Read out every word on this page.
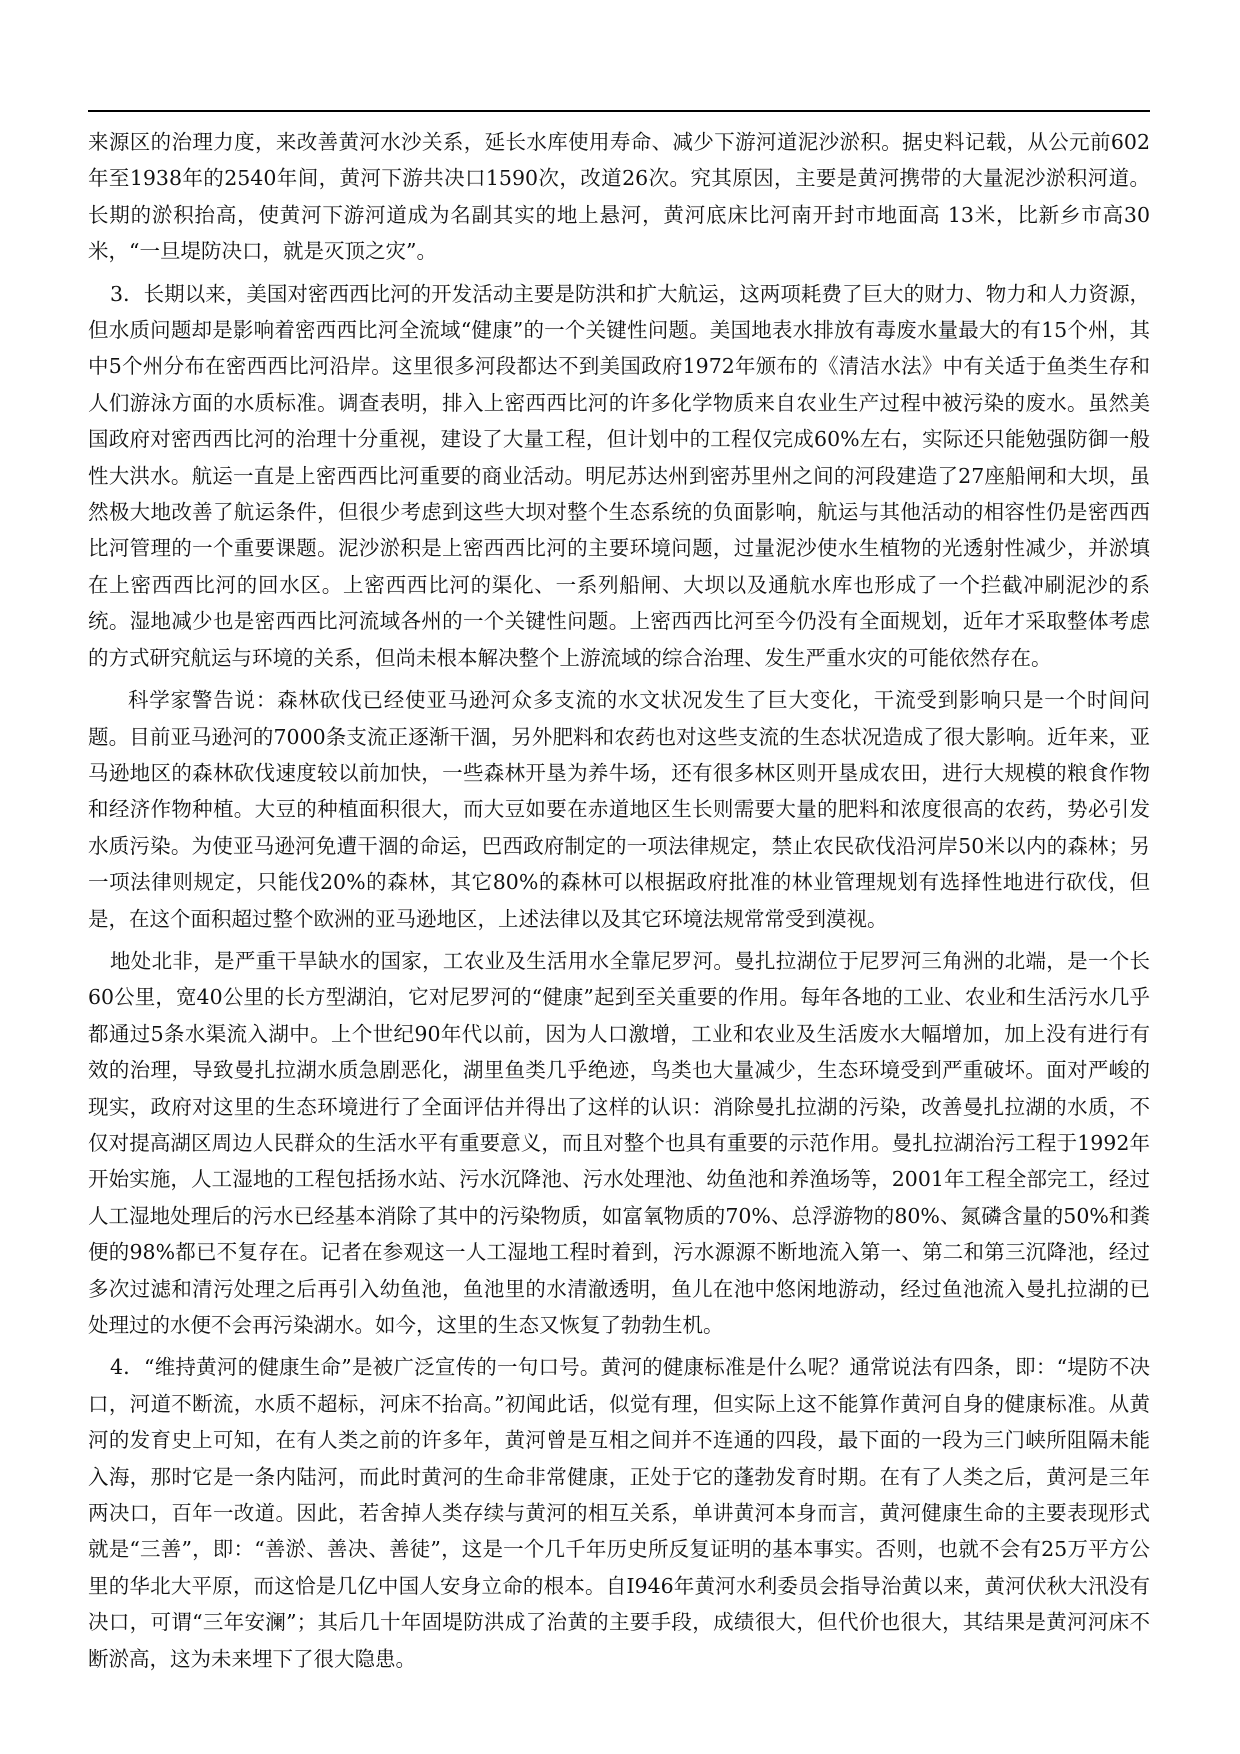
来源区的治理力度，来改善黄河水沙关系，延长水库使用寿命、减少下游河道泥沙淤积。据史料记载，从公元前602年至1938年的2540年间，黄河下游共决口1590次，改道26次。究其原因，主要是黄河携带的大量泥沙淤积河道。长期的淤积抬高，使黄河下游河道成为名副其实的地上悬河，黄河底床比河南开封市地面高 13米，比新乡市高30米，“一旦堤防决口，就是灭顶之灾”。

3．长期以来，美国对密西西比河的开发活动主要是防洪和扩大航运，这两项耗费了巨大的财力、物力和人力资源，但水质问题却是影响着密西西比河全流域“健康”的一个关键性问题。美国地表水排放有毒废水量最大的有15个州，其中5个州分布在密西西比河沿岸。这里很多河段都达不到美国政府1972年颁布的《清洁水法》中有关适于鱼类生存和人们游泳方面的水质标准。调查表明，排入上密西西比河的许多化学物质来自农业生产过程中被污染的废水。虽然美国政府对密西西比河的治理十分重视，建设了大量工程，但计划中的工程仅完成60%左右，实际还只能勉强防御一般性大洪水。航运一直是上密西西比河重要的商业活动。明尼苏达州到密苏里州之间的河段建造了27座船闸和大坝，虽然极大地改善了航运条件，但很少考虑到这些大坝对整个生态系统的负面影响，航运与其他活动的相容性仍是密西西比河管理的一个重要课题。泥沙淤积是上密西西比河的主要环境问题，过量泥沙使水生植物的光透射性减少，并淤填在上密西西比河的回水区。上密西西比河的渠化、一系列船闸、大坝以及通航水库也形成了一个拦截冲刷泥沙的系统。湿地减少也是密西西比河流域各州的一个关键性问题。上密西西比河至今仍没有全面规划，近年才采取整体考虑的方式研究航运与环境的关系，但尚未根本解决整个上游流域的综合治理、发生严重水灾的可能依然存在。

科学家警告说：森林砍伐已经使亚马逊河众多支流的水文状况发生了巨大变化，干流受到影响只是一个时间问题。目前亚马逊河的7000条支流正逐渐干涸，另外肥料和农药也对这些支流的生态状况造成了很大影响。近年来，亚马逊地区的森林砍伐速度较以前加快，一些森林开垦为养牛场，还有很多林区则开垦成农田，进行大规模的粮食作物和经济作物种植。大豆的种植面积很大，而大豆如要在赤道地区生长则需要大量的肥料和浓度很高的农药，势必引发水质污染。为使亚马逊河免遭干涸的命运，巴西政府制定的一项法律规定，禁止农民砍伐沿河岸50米以内的森林；另一项法律则规定，只能伐20%的森林，其它80%的森林可以根据政府批准的林业管理规划有选择性地进行砍伐，但是，在这个面积超过整个欧洲的亚马逊地区，上述法律以及其它环境法规常常受到漠视。

地处北非，是严重干旱缺水的国家，工农业及生活用水全靠尼罗河。曼扎拉湖位于尼罗河三角洲的北端，是一个长60公里，宽40公里的长方型湖泊，它对尼罗河的“健康”起到至关重要的作用。每年各地的工业、农业和生活污水几乎都通过5条水渠流入湖中。上个世纪90年代以前，因为人口激增，工业和农业及生活废水大幅增加，加上没有进行有效的治理，导致曼扎拉湖水质急剧恶化，湖里鱼类几乎绝迹，鸟类也大量减少，生态环境受到严重破坏。面对严峻的现实，政府对这里的生态环境进行了全面评估并得出了这样的认识：消除曼扎拉湖的污染，改善曼扎拉湖的水质，不仅对提高湖区周边人民群众的生活水平有重要意义，而且对整个也具有重要的示范作用。曼扎拉湖治污工程于1992年开始实施，人工湿地的工程包括扬水站、污水沉降池、污水处理池、幼鱼池和养渔场等，2001年工程全部完工，经过人工湿地处理后的污水已经基本消除了其中的污染物质，如富氧物质的70%、总浮游物的80%、氮磷含量的50%和粪便的98%都已不复存在。记者在参观这一人工湿地工程时着到，污水源源不断地流入第一、第二和第三沉降池，经过多次过滤和清污处理之后再引入幼鱼池，鱼池里的水清澈透明，鱼儿在池中悠闲地游动，经过鱼池流入曼扎拉湖的已处理过的水便不会再污染湖水。如今，这里的生态又恢复了勃勃生机。

4．“维持黄河的健康生命”是被广泛宣传的一句口号。黄河的健康标准是什么呢？通常说法有四条，即：“堤防不决口，河道不断流，水质不超标，河床不抬高。”初闻此话，似觉有理，但实际上这不能算作黄河自身的健康标准。从黄河的发育史上可知，在有人类之前的许多年，黄河曾是互相之间并不连通的四段，最下面的一段为三门峡所阻隔未能入海，那时它是一条内陆河，而此时黄河的生命非常健康，正处于它的蓬勃发育时期。在有了人类之后，黄河是三年两决口，百年一改道。因此，若舍掉人类存续与黄河的相互关系，单讲黄河本身而言，黄河健康生命的主要表现形式就是“三善”，即：“善淤、善决、善徒”，这是一个几千年历史所反复证明的基本事实。否则，也就不会有25万平方公里的华北大平原，而这恰是几亿中国人安身立命的根本。自I946年黄河水利委员会指导治黄以来，黄河伏秋大汛没有决口，可谓“三年安澜”；其后几十年固堤防洪成了治黄的主要手段，成绩很大，但代价也很大，其结果是黄河河床不断淤高，这为未来埋下了很大隐患。
